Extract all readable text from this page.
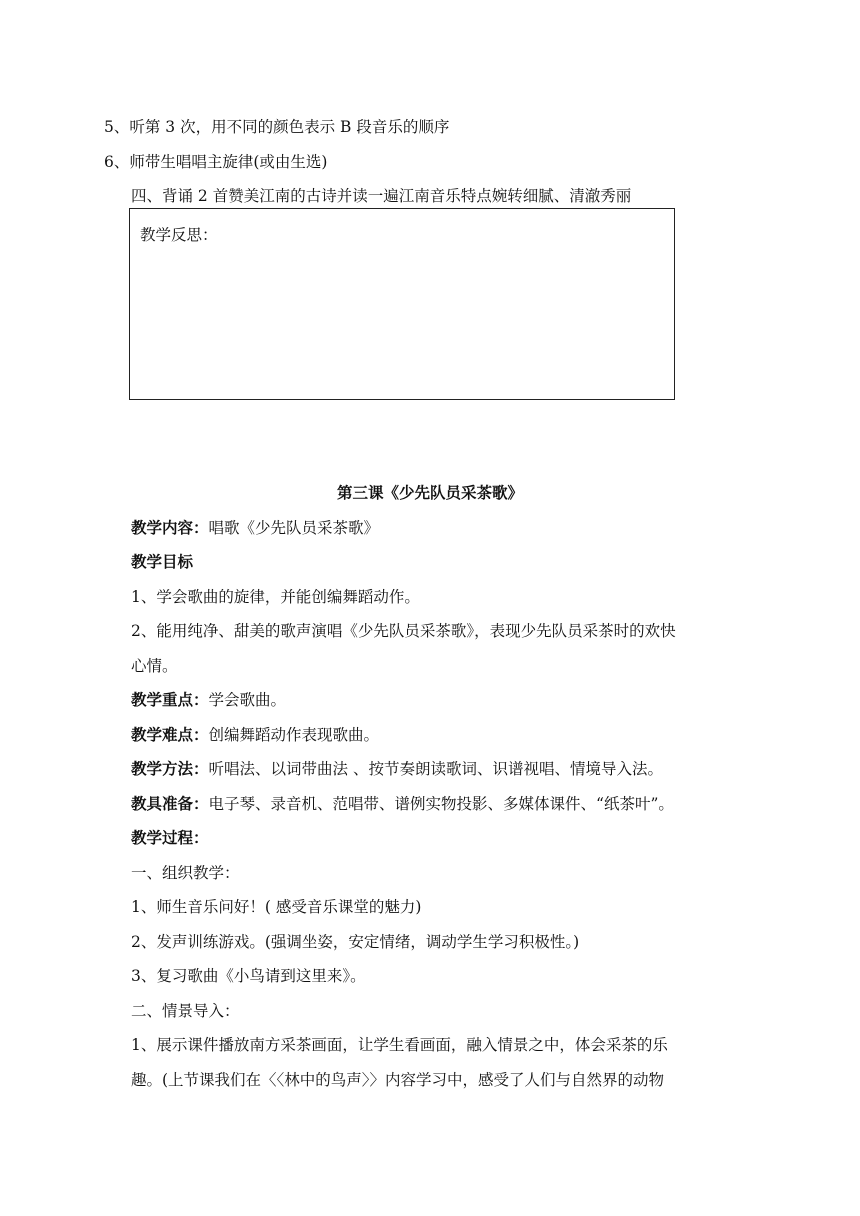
5、听第 3 次，用不同的颜色表示 B 段音乐的顺序
6、师带生唱唱主旋律(或由生选)
四、背诵 2 首赞美江南的古诗并读一遍江南音乐特点婉转细腻、清澈秀丽
教学反思：
第三课《少先队员采茶歌》
教学内容：唱歌《少先队员采茶歌》
教学目标
1、学会歌曲的旋律，并能创编舞蹈动作。
2、能用纯净、甜美的歌声演唱《少先队员采茶歌》，表现少先队员采茶时的欢快
心情。
教学重点：学会歌曲。
教学难点：创编舞蹈动作表现歌曲。
教学方法：听唱法、以词带曲法 、按节奏朗读歌词、识谱视唱、情境导入法。
教具准备：电子琴、录音机、范唱带、谱例实物投影、多媒体课件、“纸茶叶”。
教学过程：
一、组织教学：
1、师生音乐问好！( 感受音乐课堂的魅力)
2、发声训练游戏。(强调坐姿，安定情绪，调动学生学习积极性。)
3、复习歌曲《小鸟请到这里来》。
二、情景导入：
1、展示课件播放南方采茶画面，让学生看画面，融入情景之中，体会采茶的乐
趣。(上节课我们在〈〈林中的鸟声〉〉内容学习中，感受了人们与自然界的动物
